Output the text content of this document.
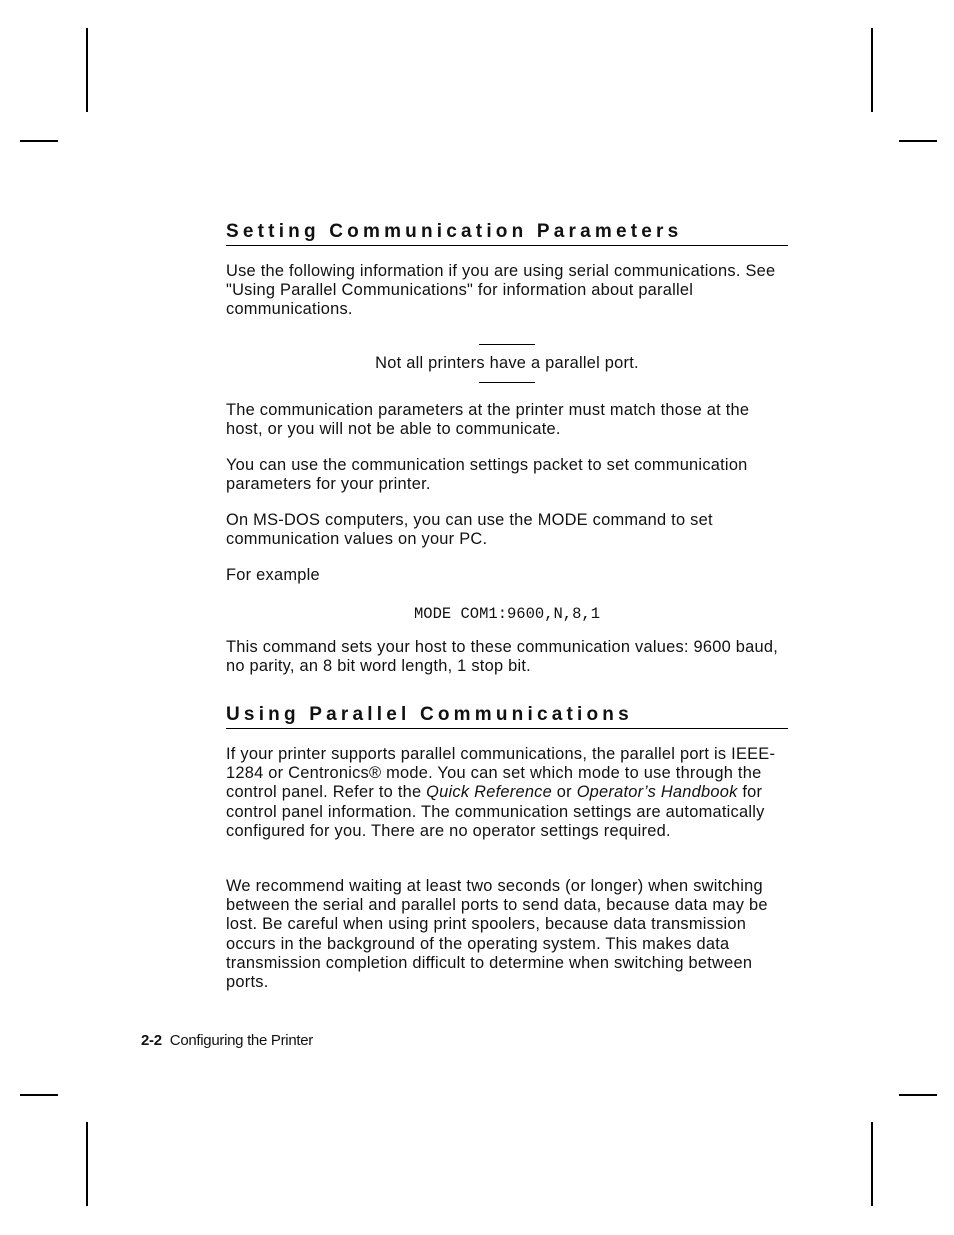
Setting Communication Parameters

Use the following information if you are using serial communications. See "Using Parallel Communications" for information about parallel communications.

Not all printers have a parallel port.

The communication parameters at the printer must match those at the host, or you will not be able to communicate.

You can use the communication settings packet to set communication parameters for your printer.

On MS-DOS computers, you can use the MODE command to set communication values on your PC.

For example

MODE COM1:9600,N,8,1

This command sets your host to these communication values: 9600 baud, no parity, an 8 bit word length, 1 stop bit.

Using Parallel Communications

If your printer supports parallel communications, the parallel port is IEEE-1284 or Centronics® mode. You can set which mode to use through the control panel. Refer to the Quick Reference or Operator’s Handbook for control panel information. The communication settings are automatically configured for you. There are no operator settings required.

We recommend waiting at least two seconds (or longer) when switching between the serial and parallel ports to send data, because data may be lost. Be careful when using print spoolers, because data transmission occurs in the background of the operating system. This makes data transmission completion difficult to determine when switching between ports.

2-2 Configuring the Printer
